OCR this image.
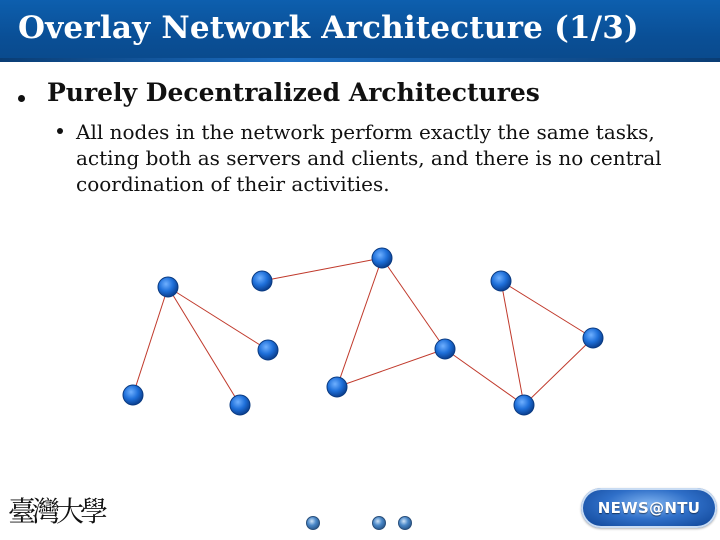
Overlay Network Architecture (1/3)
Purely Decentralized Architectures
All nodes in the network perform exactly the same tasks, acting both as servers and clients, and there is no central coordination of their activities.
臺灣大學	NEWS@NTU
